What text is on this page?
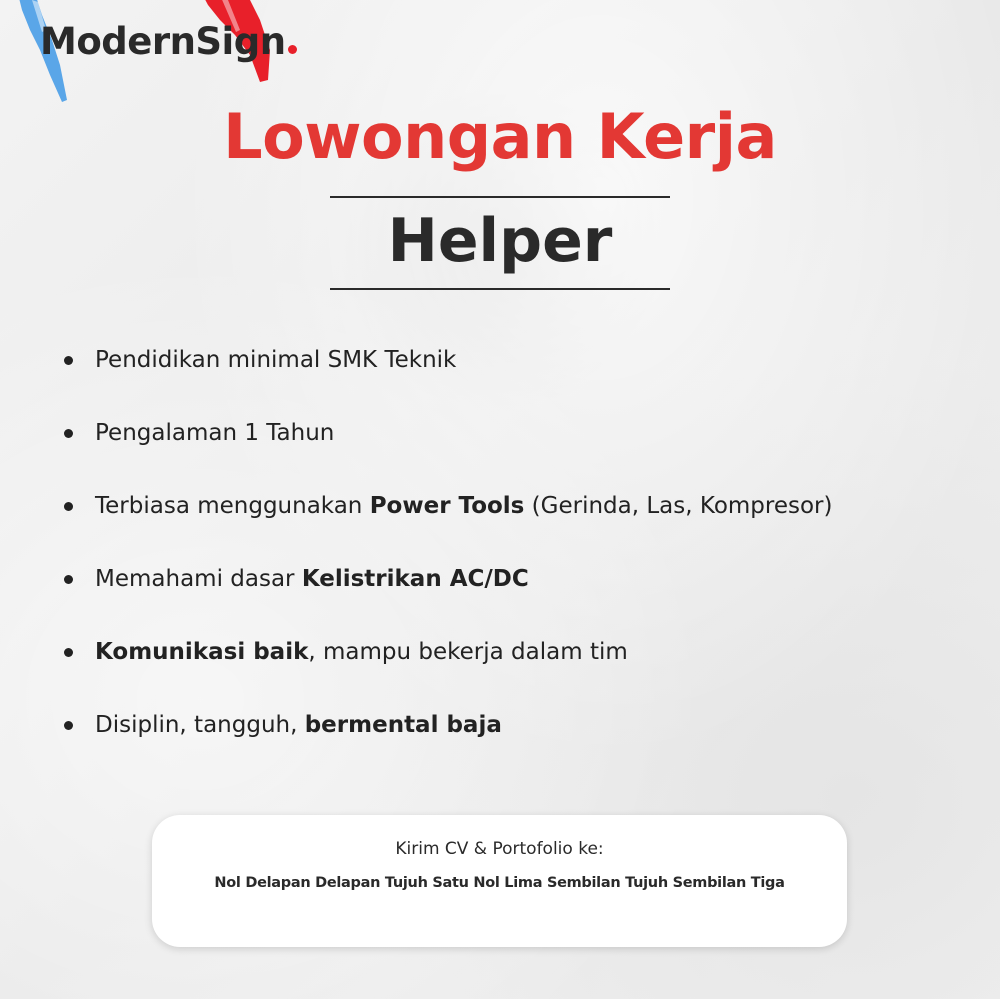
ModernSign
Lowongan Kerja
Helper
Pendidikan minimal SMK Teknik
Pengalaman 1 Tahun
Terbiasa menggunakan Power Tools (Gerinda, Las, Kompresor)
Memahami dasar Kelistrikan AC/DC
Komunikasi baik, mampu bekerja dalam tim
Disiplin, tangguh, bermental baja
Kirim CV & Portofolio ke:
Nol Delapan Delapan Tujuh Satu Nol Lima Sembilan Tujuh Sembilan Tiga
